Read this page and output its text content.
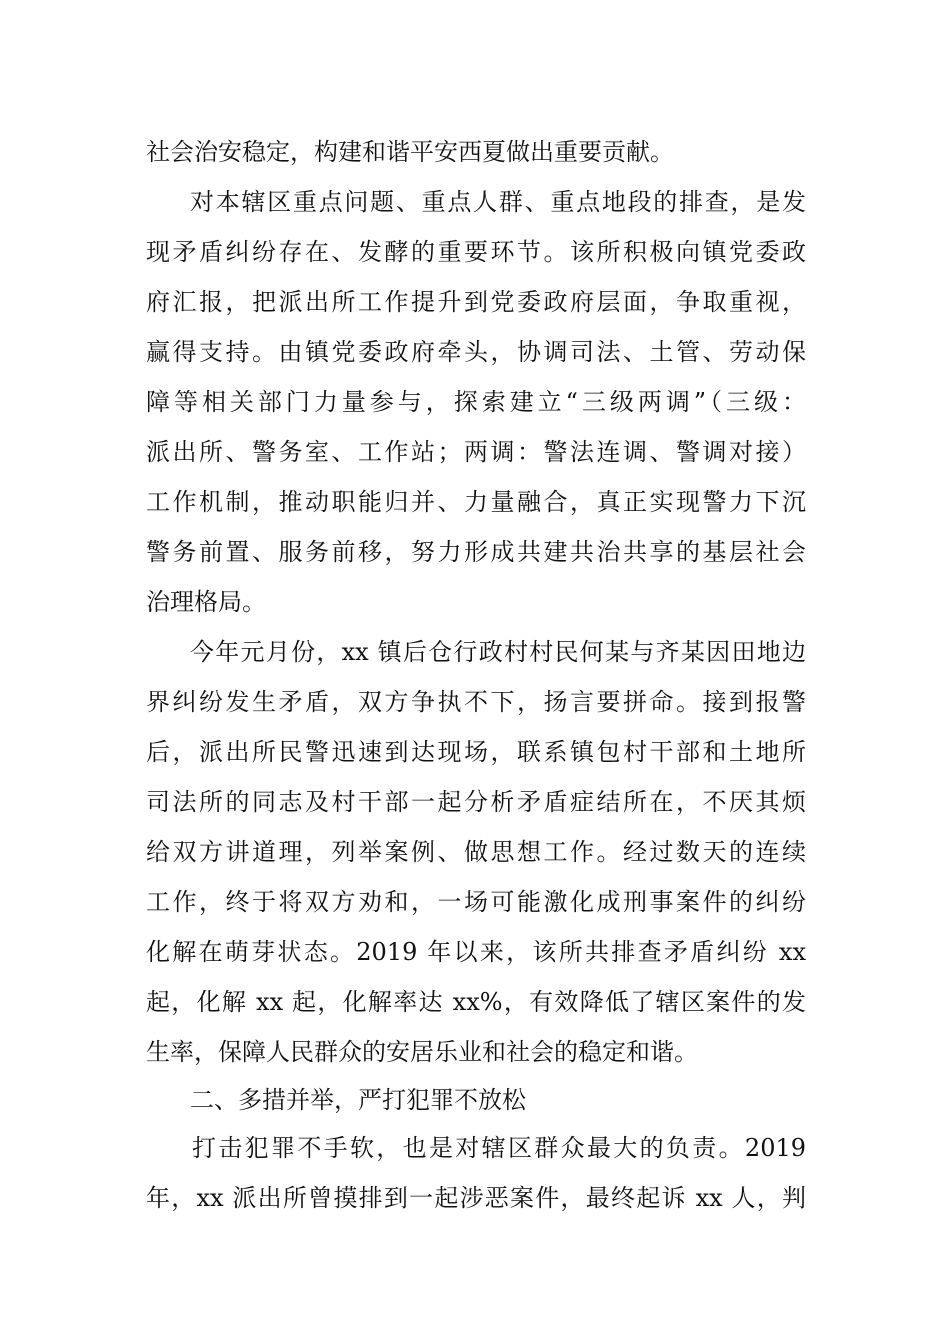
社会治安稳定，构建和谐平安西夏做出重要贡献。
对本辖区重点问题、重点人群、重点地段的排查，是发
现矛盾纠纷存在、发酵的重要环节。该所积极向镇党委政
府汇报，把派出所工作提升到党委政府层面，争取重视，
赢得支持。由镇党委政府牵头，协调司法、土管、劳动保
障等相关部门力量参与，探索建立“三级两调”（三级：
派出所、警务室、工作站；两调：警法连调、警调对接）
工作机制，推动职能归并、力量融合，真正实现警力下沉
警务前置、服务前移，努力形成共建共治共享的基层社会
治理格局。
今年元月份，xx 镇后仓行政村村民何某与齐某因田地边
界纠纷发生矛盾，双方争执不下，扬言要拼命。接到报警
后，派出所民警迅速到达现场，联系镇包村干部和土地所
司法所的同志及村干部一起分析矛盾症结所在，不厌其烦
给双方讲道理，列举案例、做思想工作。经过数天的连续
工作，终于将双方劝和，一场可能激化成刑事案件的纠纷
化解在萌芽状态。2019 年以来，该所共排查矛盾纠纷 xx
起，化解 xx 起，化解率达 xx%，有效降低了辖区案件的发
生率，保障人民群众的安居乐业和社会的稳定和谐。
二、多措并举，严打犯罪不放松
打击犯罪不手软，也是对辖区群众最大的负责。2019
年，xx 派出所曾摸排到一起涉恶案件，最终起诉 xx 人，判
